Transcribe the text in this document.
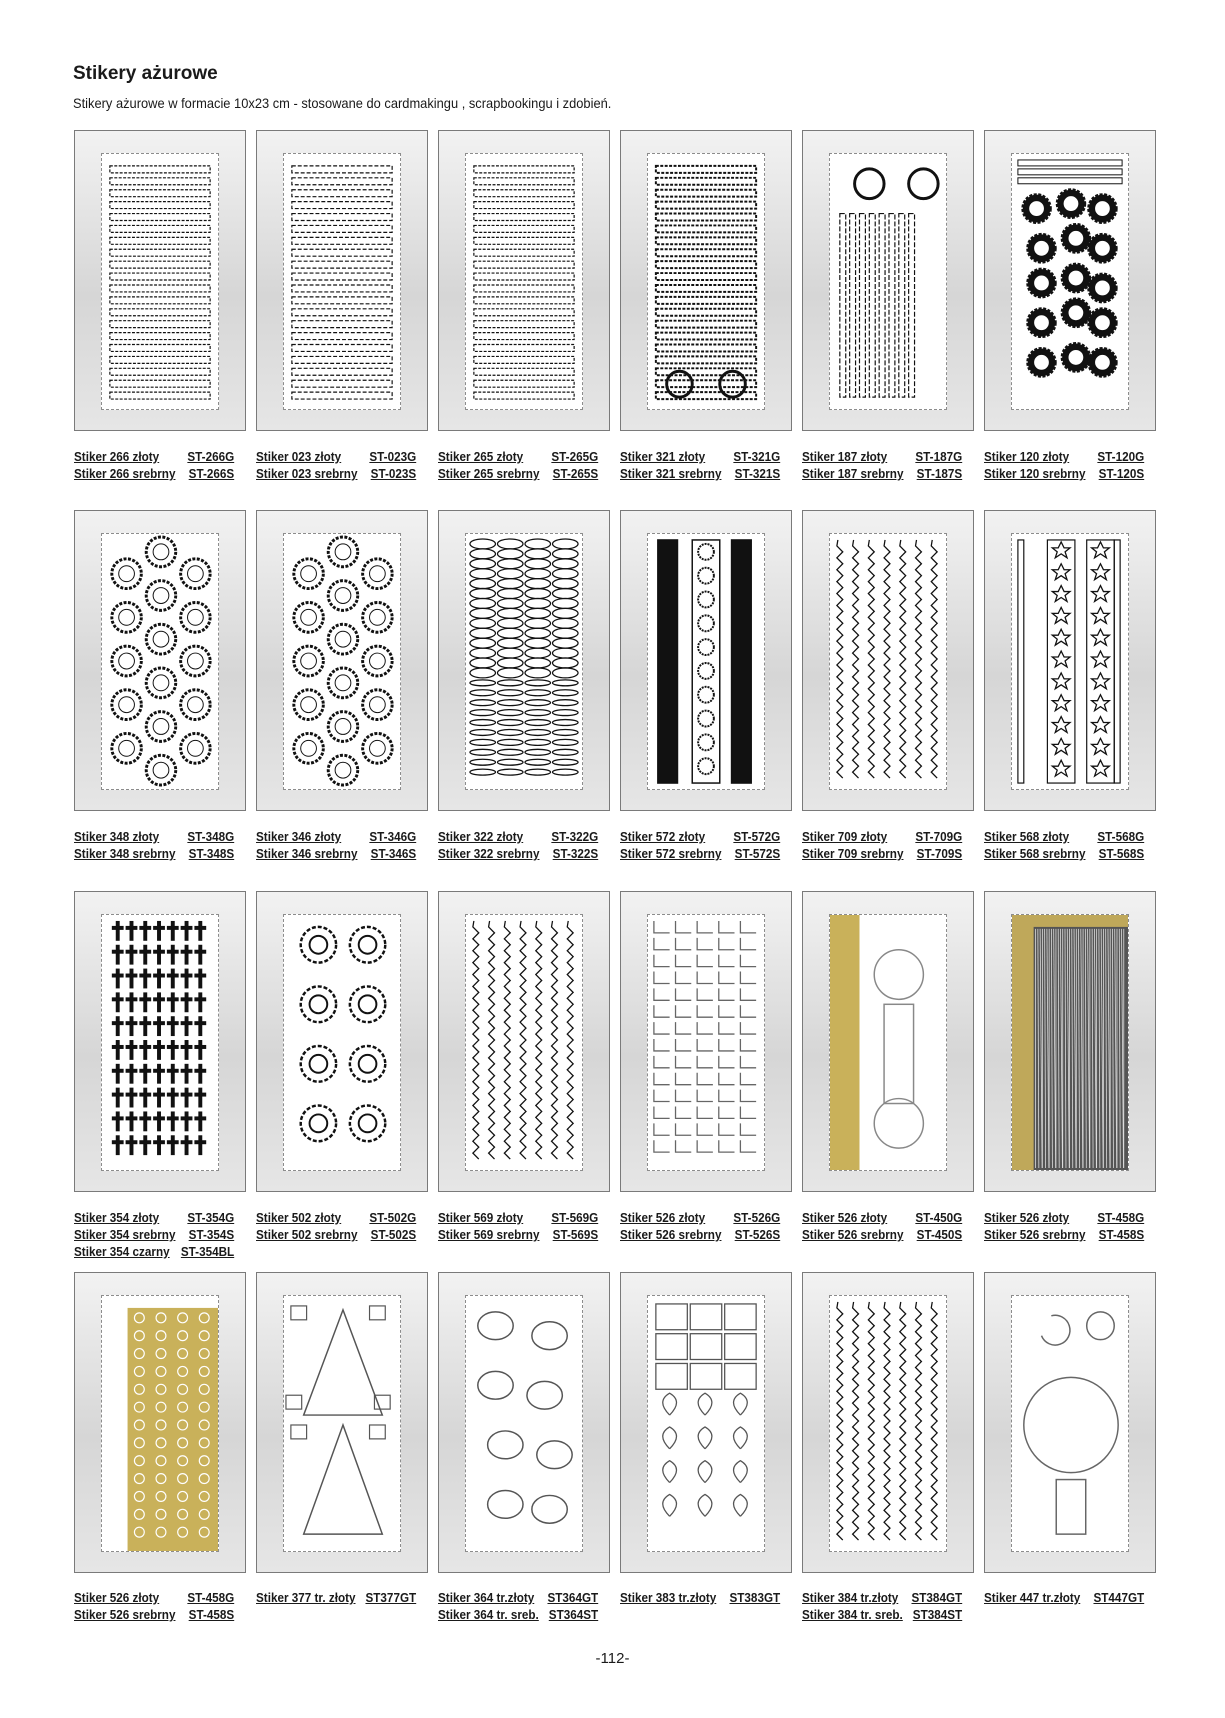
Stikery ażurowe
Stikery ażurowe w formacie 10x23 cm - stosowane do cardmakingu , scrapbookingu i zdobień.
Stiker 266 złoty ST-266G
Stiker 266 srebrny ST-266S
Stiker 023 złoty ST-023G
Stiker 023 srebrny ST-023S
Stiker 265 złoty ST-265G
Stiker 265 srebrny ST-265S
Stiker 321 złoty ST-321G
Stiker 321 srebrny ST-321S
Stiker 187 złoty ST-187G
Stiker 187 srebrny ST-187S
Stiker 120 złoty ST-120G
Stiker 120 srebrny ST-120S
Stiker 348 złoty ST-348G
Stiker 348 srebrny ST-348S
Stiker 346 złoty ST-346G
Stiker 346 srebrny ST-346S
Stiker 322 złoty ST-322G
Stiker 322 srebrny ST-322S
Stiker 572 złoty ST-572G
Stiker 572 srebrny ST-572S
Stiker 709 złoty ST-709G
Stiker 709 srebrny ST-709S
Stiker 568 złoty ST-568G
Stiker 568 srebrny ST-568S
Stiker 354 złoty ST-354G
Stiker 354 srebrny ST-354S
Stiker 354 czarny ST-354BL
Stiker 502 złoty ST-502G
Stiker 502 srebrny ST-502S
Stiker 569 złoty ST-569G
Stiker 569 srebrny ST-569S
Stiker 526 złoty ST-526G
Stiker 526 srebrny ST-526S
Stiker 526 złoty ST-450G
Stiker 526 srebrny ST-450S
Stiker 526 złoty ST-458G
Stiker 526 srebrny ST-458S
Stiker 526 złoty ST-458G
Stiker 526 srebrny ST-458S
Stiker 377 tr. złoty ST377GT Stiker 364 tr.złoty ST364GT
Stiker 364 tr. sreb. ST364ST
Stiker 383 tr.złoty ST383GT Stiker 384 tr.złoty ST384GT
Stiker 384 tr. sreb. ST384ST
Stiker 447 tr.złoty ST447GT
-112-
